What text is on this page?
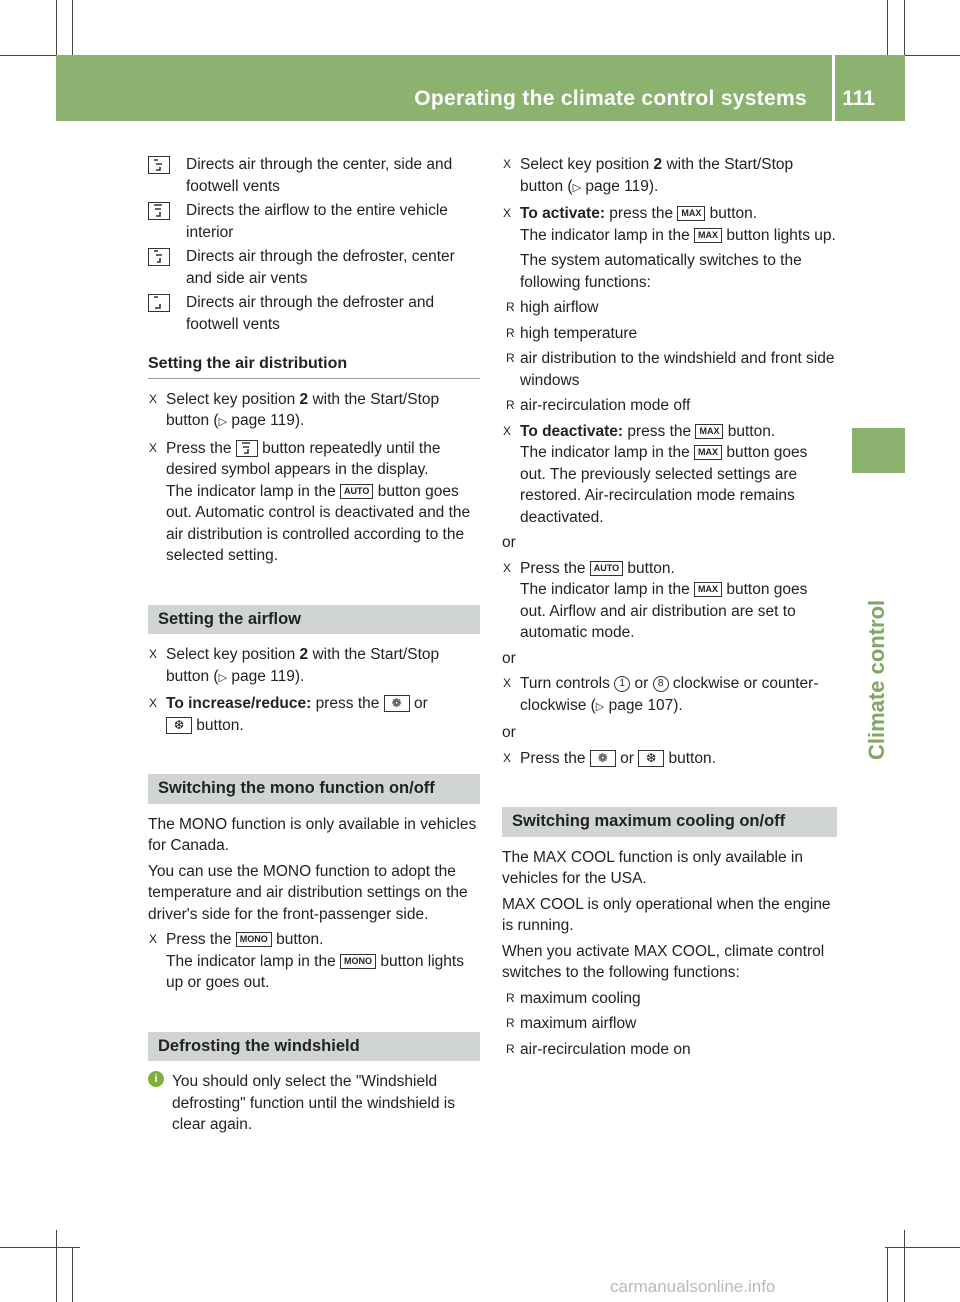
Operating the climate control systems 111
Climate control
Directs air through the center, side and footwell vents
Directs the airflow to the entire vehicle interior
Directs air through the defroster, center and side air vents
Directs air through the defroster and footwell vents
Setting the air distribution
X Select key position 2 with the Start/Stop button (▷ page 119).
X Press the  button repeatedly until the desired symbol appears in the display.
The indicator lamp in the AUTO button goes out. Automatic control is deactivated and the air distribution is controlled according to the selected setting.
Setting the airflow
X Select key position 2 with the Start/Stop button (▷ page 119).
X To increase/reduce: press the ❁ or
❆ button.
Switching the mono function on/off

The MONO function is only available in vehicles for Canada.

You can use the MONO function to adopt the temperature and air distribution settings on the driver's side for the front-passenger side.

X Press the MONO button.
The indicator lamp in the MONO button lights up or goes out.
Defrosting the windshield
i You should only select the "Windshield defrosting" function until the windshield is clear again.
X Select key position 2 with the Start/Stop button (▷ page 119).
X To activate: press the MAX button.
The indicator lamp in the MAX button lights up.

The system automatically switches to the following functions:

R high airflow
R high temperature
R air distribution to the windshield and front side windows
R air-recirculation mode off
X To deactivate: press the MAX button.
The indicator lamp in the MAX button goes out. The previously selected settings are restored. Air-recirculation mode remains deactivated.

or

X Press the AUTO button.
The indicator lamp in the MAX button goes out. Airflow and air distribution are set to automatic mode.

or

X Turn controls 1 or 8 clockwise or counter-clockwise (▷ page 107).

or

X Press the ❁ or ❆ button.
Switching maximum cooling on/off

The MAX COOL function is only available in vehicles for the USA.

MAX COOL is only operational when the engine is running.

When you activate MAX COOL, climate control switches to the following functions:

R maximum cooling
R maximum airflow
R air-recirculation mode on
carmanualsonline.info
